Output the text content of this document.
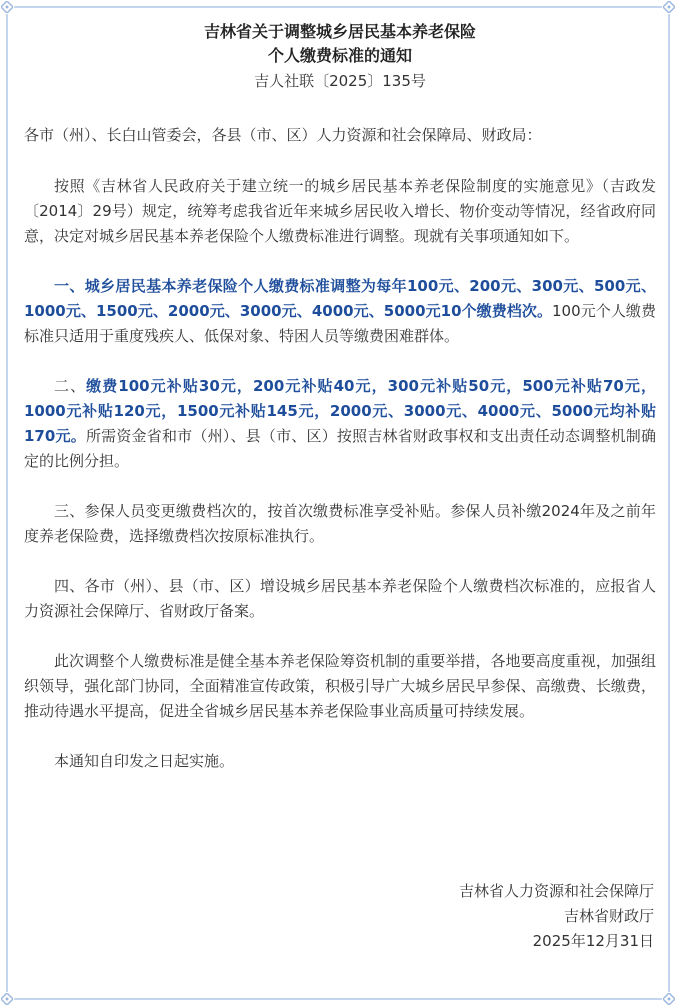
吉林省关于调整城乡居民基本养老保险
个人缴费标准的通知
吉人社联〔2025〕135号

各市（州）、长白山管委会，各县（市、区）人力资源和社会保障局、财政局：

按照《吉林省人民政府关于建立统一的城乡居民基本养老保险制度的实施意见》（吉政发〔2014〕29号）规定，统筹考虑我省近年来城乡居民收入增长、物价变动等情况，经省政府同意，决定对城乡居民基本养老保险个人缴费标准进行调整。现就有关事项通知如下。

一、城乡居民基本养老保险个人缴费标准调整为每年100元、200元、300元、500元、1000元、1500元、2000元、3000元、4000元、5000元10个缴费档次。100元个人缴费标准只适用于重度残疾人、低保对象、特困人员等缴费困难群体。

二、缴费100元补贴30元，200元补贴40元，300元补贴50元，500元补贴70元，1000元补贴120元，1500元补贴145元，2000元、3000元、4000元、5000元均补贴170元。所需资金省和市（州）、县（市、区）按照吉林省财政事权和支出责任动态调整机制确定的比例分担。

三、参保人员变更缴费档次的，按首次缴费标准享受补贴。参保人员补缴2024年及之前年度养老保险费，选择缴费档次按原标准执行。

四、各市（州）、县（市、区）增设城乡居民基本养老保险个人缴费档次标准的，应报省人力资源社会保障厅、省财政厅备案。

此次调整个人缴费标准是健全基本养老保险筹资机制的重要举措，各地要高度重视，加强组织领导，强化部门协同，全面精准宣传政策，积极引导广大城乡居民早参保、高缴费、长缴费，推动待遇水平提高，促进全省城乡居民基本养老保险事业高质量可持续发展。

本通知自印发之日起实施。

吉林省人力资源和社会保障厅
吉林省财政厅
2025年12月31日
